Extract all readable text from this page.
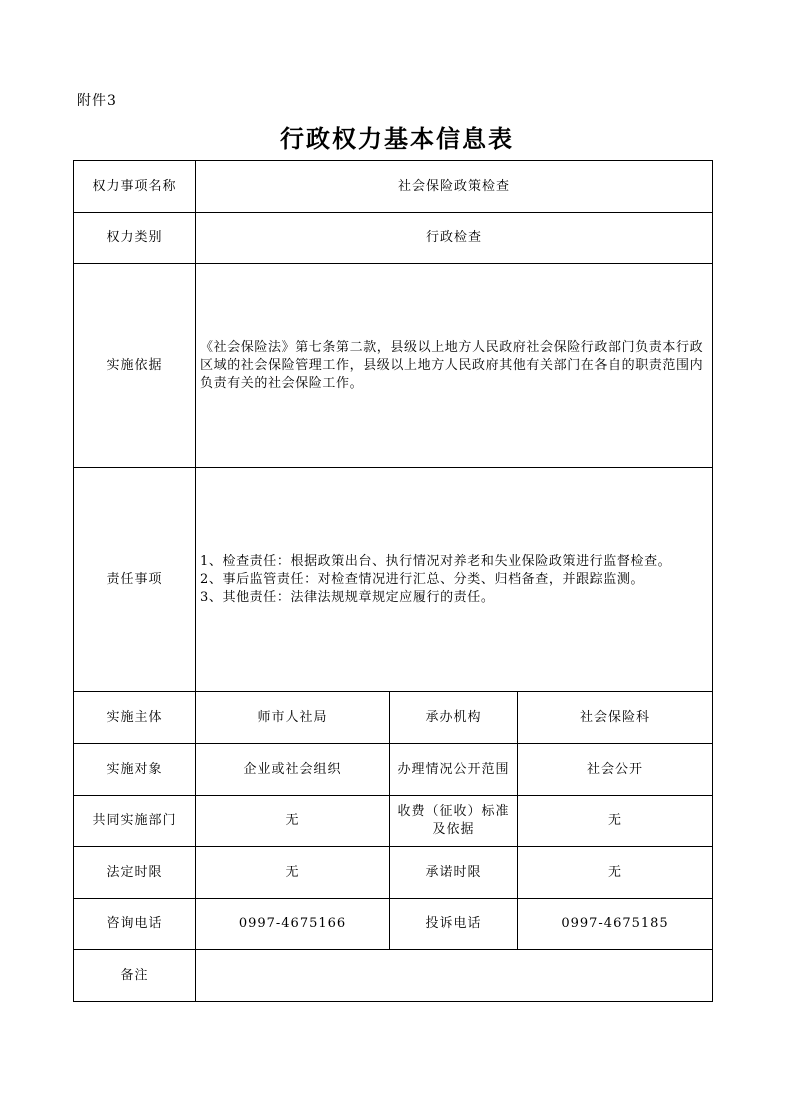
附件3
行政权力基本信息表
权力事项名称	社会保险政策检查		
权力类别	行政检查		
实施依据	《社会保险法》第七条第二款，县级以上地方人民政府社会保险行政部门负责本行政区域的社会保险管理工作，县级以上地方人民政府其他有关部门在各自的职责范围内负责有关的社会保险工作。		
责任事项	1、检查责任：根据政策出台、执行情况对养老和失业保险政策进行监督检查。
2、事后监管责任：对检查情况进行汇总、分类、归档备查，并跟踪监测。
3、其他责任：法律法规规章规定应履行的责任。		

实施主体	师市人社局	承办机构	社会保险科
实施对象	企业或社会组织	办理情况公开范围	社会公开
共同实施部门	无	收费（征收）标准及依据	无
法定时限	无	承诺时限	无
咨询电话	0997-4675166	投诉电话	0997-4675185
备注			
